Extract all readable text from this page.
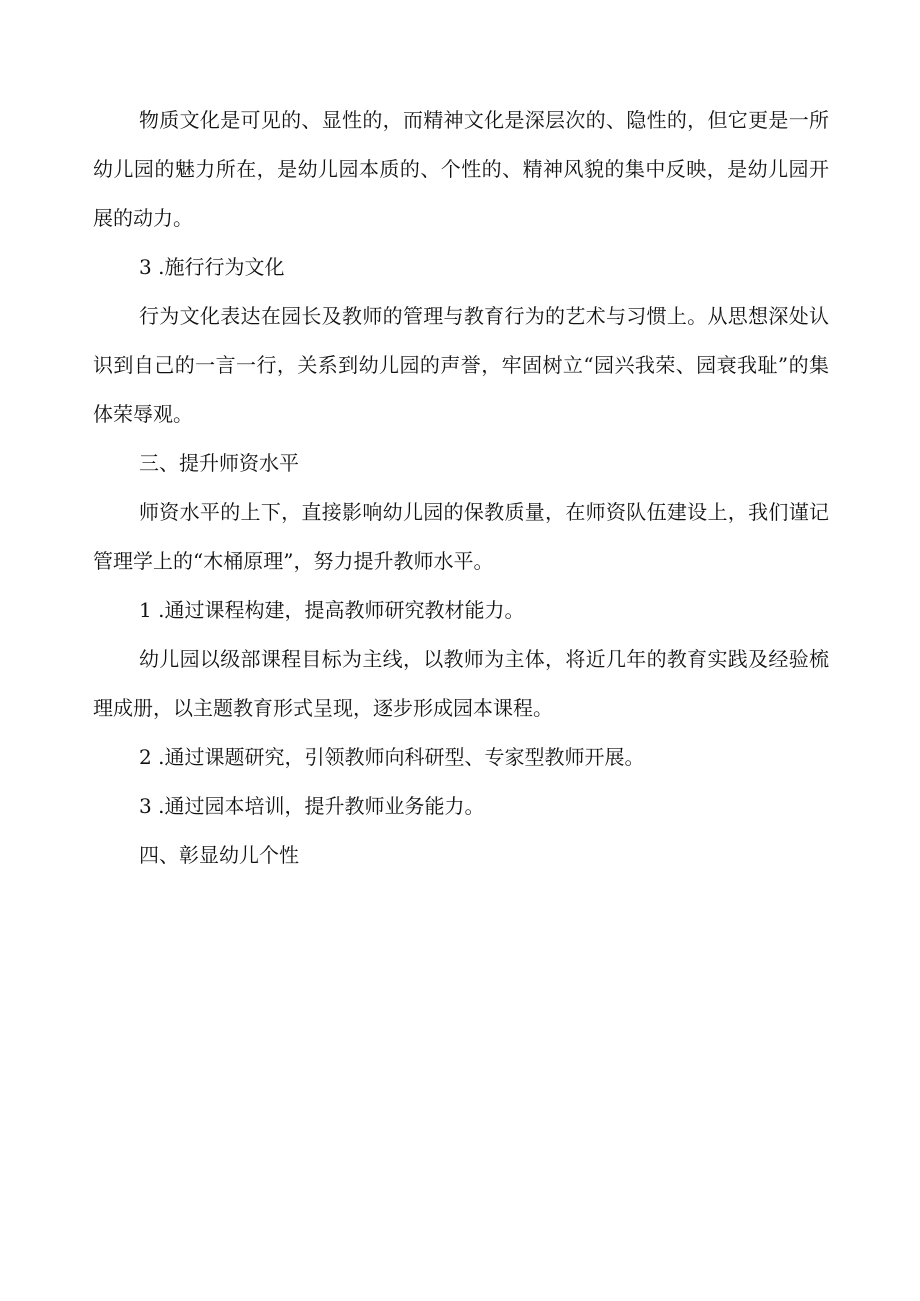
物质文化是可见的、显性的，而精神文化是深层次的、隐性的，但它更是一所幼儿园的魅力所在，是幼儿园本质的、个性的、精神风貌的集中反映，是幼儿园开展的动力。

3 .施行行为文化

行为文化表达在园长及教师的管理与教育行为的艺术与习惯上。从思想深处认识到自己的一言一行，关系到幼儿园的声誉，牢固树立“园兴我荣、园衰我耻”的集体荣辱观。

三、提升师资水平

师资水平的上下，直接影响幼儿园的保教质量，在师资队伍建设上，我们谨记管理学上的“木桶原理”，努力提升教师水平。

1 .通过课程构建，提高教师研究教材能力。

幼儿园以级部课程目标为主线，以教师为主体，将近几年的教育实践及经验梳理成册，以主题教育形式呈现，逐步形成园本课程。

2 .通过课题研究，引领教师向科研型、专家型教师开展。

3 .通过园本培训，提升教师业务能力。

四、彰显幼儿个性
